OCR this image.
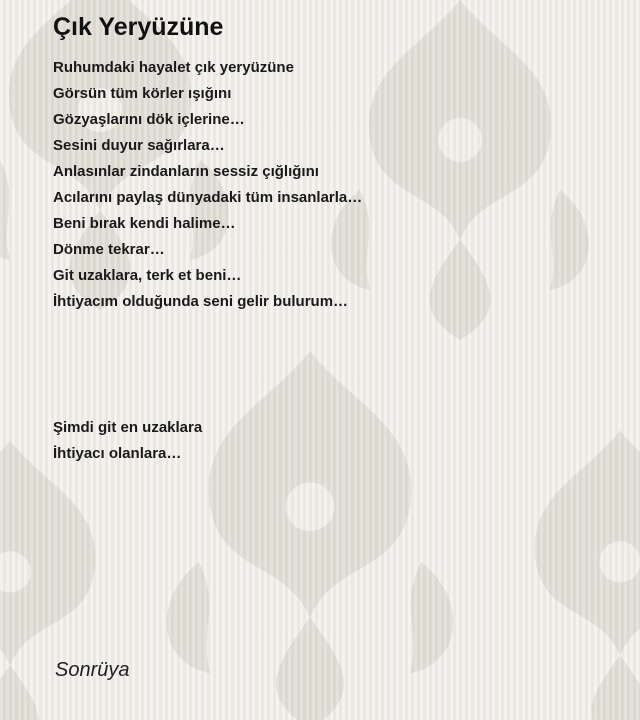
Çık Yeryüzüne
Ruhumdaki hayalet çık yeryüzüne
Görsün tüm körler ışığını
Gözyaşlarını dök içlerine…
Sesini duyur sağırlara…
Anlasınlar zindanların sessiz çığlığını
Acılarını paylaş dünyadaki tüm insanlarla…
Beni bırak kendi halime…
Dönme tekrar…
Git uzaklara, terk et beni…
İhtiyacım olduğunda seni gelir bulurum…
Şimdi git en uzaklara
İhtiyacı olanlara…
Sonrüya
